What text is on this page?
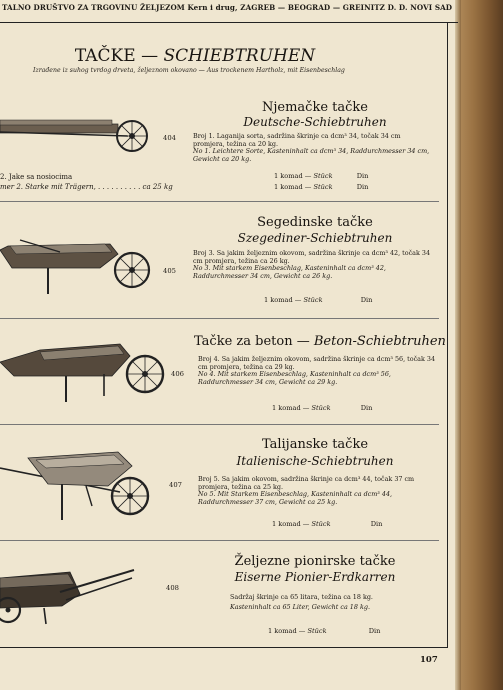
TALNO DRUŠTVO ZA TRGOVINU ŽELJEZOM Kern i drug, ZAGREB — BEOGRAD — GREINITZ D. D. NOVI SAD
TAČKE — SCHIEBTRUHEN
Izrađene iz suhog tvrdog drveta, željeznom okovano — Aus trockenem Hartholz, mit Eisenbeschlag
404
Njemačke tačke
Deutsche-Schiebtruhen
Broj 1. Laganija sorta, sadržina škrinje ca dcm³ 34, točak 34 cm promjera, težina ca 20 kg.
No 1. Leichtere Sorte, Kasteninhalt ca dcm³ 34, Raddurchmesser 34 cm, Gewicht ca 20 kg.
1 komad — Stück	Din
2. Jake sa nosiocima
mer 2. Starke mit Trägern, . . . . . . . . . . ca 25 kg	1 komad — Stück	Din
405
Segedinske tačke
Szegediner-Schiebtruhen
Broj 3. Sa jakim željeznim okovom, sadržina škrinje ca dcm³ 42, točak 34 cm promjera, težina ca 26 kg.
No 3. Mit starkem Eisenbeschlag, Kasteninhalt ca dcm³ 42, Raddurchmesser 34 cm, Gewicht ca 26 kg.
1 komad — Stück	Din
406
Tačke za beton — Beton-Schiebtruhen
Broj 4. Sa jakim željeznim okovom, sadržina škrinje ca dcm³ 56, točak 34 cm promjera, težina ca 29 kg.
No 4. Mit starkem Eisenbeschlag, Kasteninhalt ca dcm³ 56, Raddurchmesser 34 cm, Gewicht ca 29 kg.
1 komad — Stück	Din
407
Talijanske tačke
Italienische-Schiebtruhen
Broj 5. Sa jakim okovom, sadržina škrinje ca dcm³ 44, točak 37 cm promjera, težina ca 25 kg.
No 5. Mit Starkem Eisenbeschlag, Kasteninhalt ca dcm³ 44, Raddurchmesser 37 cm, Gewicht ca 25 kg.
1 komad — Stück	Din
408
Željezne pionirske tačke
Eiserne Pionier-Erdkarren
Sadržaj škrinje ca 65 litara, težina ca 18 kg.
Kasteninhalt ca 65 Liter, Gewicht ca 18 kg.
1 komad — Stück	Din
107
